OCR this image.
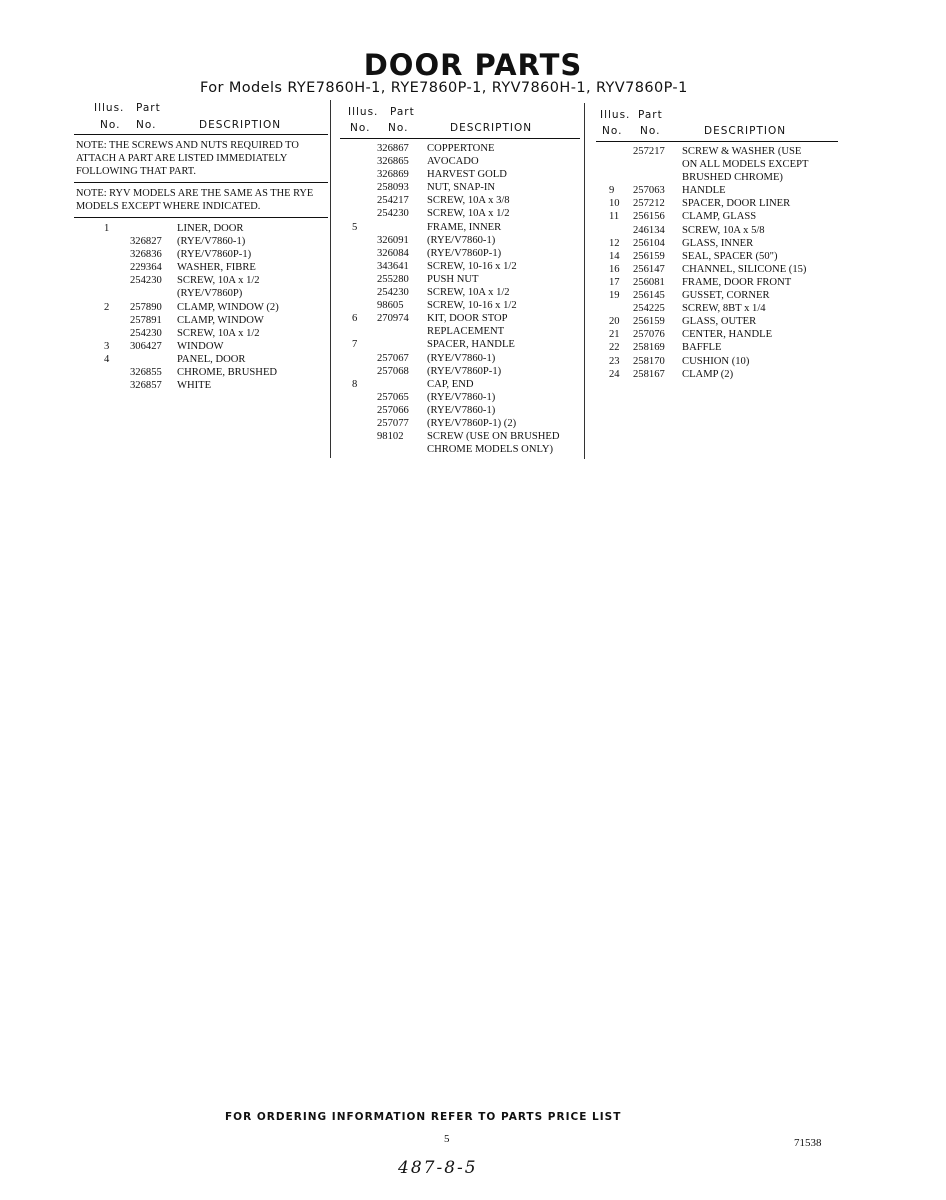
DOOR PARTS
For Models RYE7860H-1, RYE7860P-1, RYV7860H-1, RYV7860P-1
Illus. Part
No. No.	DESCRIPTION
NOTE: THE SCREWS AND NUTS REQUIRED TO ATTACH A PART ARE LISTED IMMEDIATELY FOLLOWING THAT PART.
NOTE: RYV MODELS ARE THE SAME AS THE RYE MODELS EXCEPT WHERE INDICATED.
1	LINER, DOOR
326827 (RYE/V7860-1)
326836 (RYE/V7860P-1)
229364 WASHER, FIBRE
254230 SCREW, 10A x 1/2
(RYE/V7860P)
2 257890 CLAMP, WINDOW (2)
257891 CLAMP, WINDOW
254230 SCREW, 10A x 1/2
3 306427 WINDOW
4	PANEL, DOOR
326855 CHROME, BRUSHED
326857 WHITE
Illus. Part
No. No.	DESCRIPTION
326867 COPPERTONE
326865 AVOCADO
326869 HARVEST GOLD
258093 NUT, SNAP-IN
254217 SCREW, 10A x 3/8
254230 SCREW, 10A x 1/2
5	FRAME, INNER
326091 (RYE/V7860-1)
326084 (RYE/V7860P-1)
343641 SCREW, 10-16 x 1/2
255280 PUSH NUT
254230 SCREW, 10A x 1/2
98605 SCREW, 10-16 x 1/2
6 270974 KIT, DOOR STOP
REPLACEMENT
7	SPACER, HANDLE
257067 (RYE/V7860-1)
257068 (RYE/V7860P-1)
8	CAP, END
257065 (RYE/V7860-1)
257066 (RYE/V7860-1)
257077 (RYE/V7860P-1) (2)
98102 SCREW (USE ON BRUSHED
CHROME MODELS ONLY)
Illus. Part
No. No.	DESCRIPTION
257217 SCREW & WASHER (USE
ON ALL MODELS EXCEPT
BRUSHED CHROME)
9 257063 HANDLE
10 257212 SPACER, DOOR LINER
11 256156 CLAMP, GLASS
246134 SCREW, 10A x 5/8
12 256104 GLASS, INNER
14 256159 SEAL, SPACER (50")
16 256147 CHANNEL, SILICONE (15)
17 256081 FRAME, DOOR FRONT
19 256145 GUSSET, CORNER
254225 SCREW, 8BT x 1/4
20 256159 GLASS, OUTER
21 257076 CENTER, HANDLE
22 258169 BAFFLE
23 258170 CUSHION (10)
24 258167 CLAMP (2)
FOR ORDERING INFORMATION REFER TO PARTS PRICE LIST
5	71538
487-8-5
